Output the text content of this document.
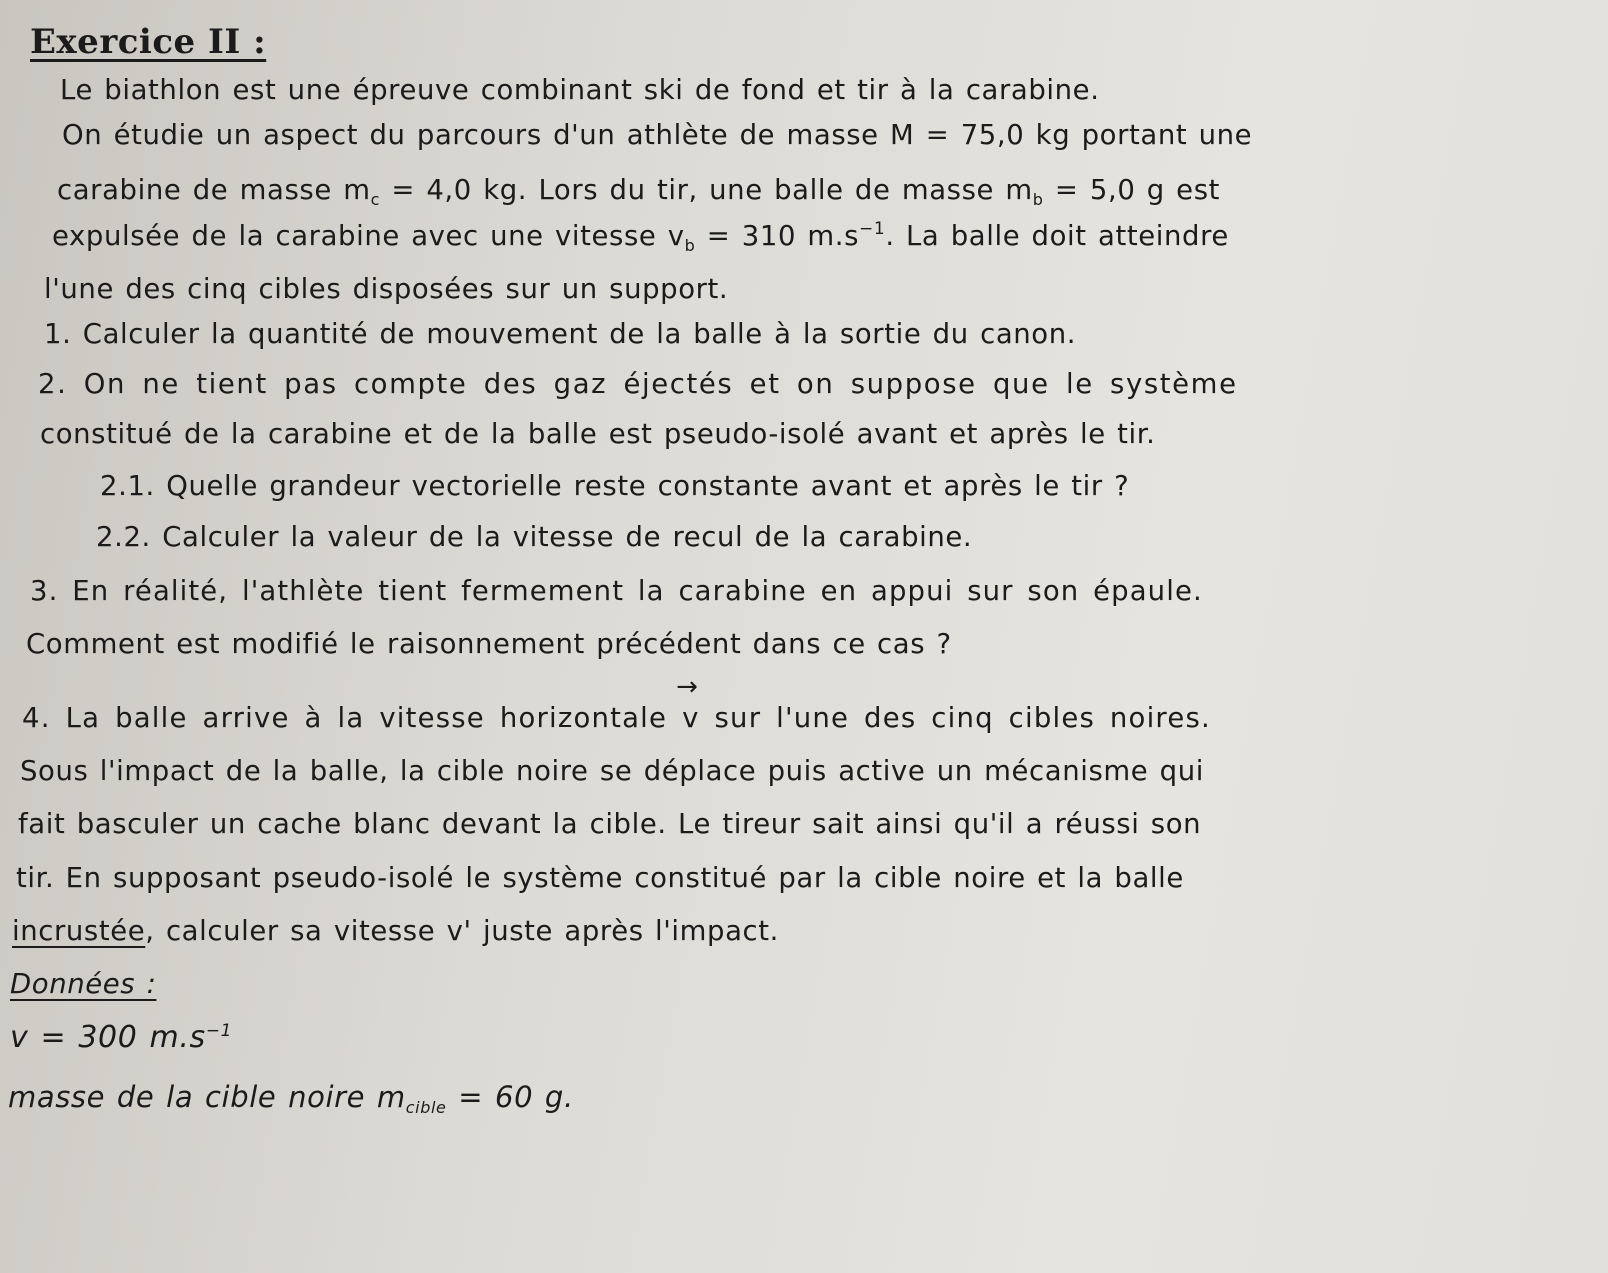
Exercice II :
Le biathlon est une épreuve combinant ski de fond et tir à la carabine.
On étudie un aspect du parcours d'un athlète de masse M = 75,0 kg portant une
carabine de masse $m_c = 4,0$ kg. Lors du tir, une balle de masse $m_b = 5,0$ g est
expulsée de la carabine avec une vitesse $v_b = 310$ $m.s^{-1}$. La balle doit atteindre
l'une des cinq cibles disposées sur un support.
1. Calculer la quantité de mouvement de la balle à la sortie du canon.
2. On ne tient pas compte des gaz éjectés et on suppose que le système
constitué de la carabine et de la balle est pseudo-isolé avant et après le tir.
2.1. Quelle grandeur vectorielle reste constante avant et après le tir ?
2.2. Calculer la valeur de la vitesse de recul de la carabine.
3. En réalité, l'athlète tient fermement la carabine en appui sur son épaule.
Comment est modifié le raisonnement précédent dans ce cas ?
4. La balle arrive à la vitesse horizontale
→
v sur l'une des cinq cibles noires.
Sous l'impact de la balle, la cible noire se déplace puis active un mécanisme qui
fait basculer un cache blanc devant la cible. Le tireur sait ainsi qu'il a réussi son
tir. En supposant pseudo-isolé le système constitué par la cible noire et la balle
incrustée, calculer sa vitesse v' juste après l'impact.
Données :
v = 300 $m.s^{-1}$
masse de la cible noire $m_{cible} = 60$ g.
